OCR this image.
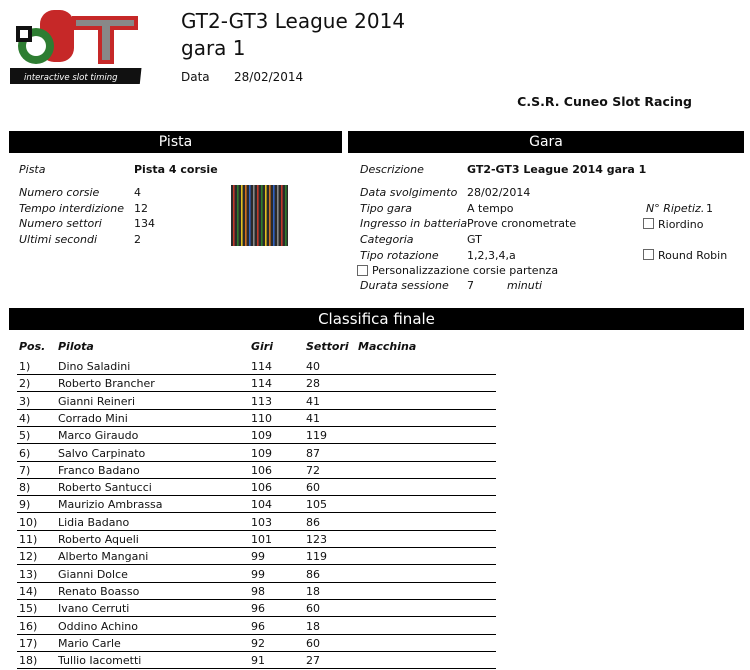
interactive slot timing
GT2-GT3 League 2014
gara 1
Data 28/02/2014
C.S.R. Cuneo Slot Racing
Pista	Gara
Pista	Pista 4 corsie
Numero corsie	4
Tempo interdizione 12
Numero settori	134
Ultimi secondi	2
Descrizione	GT2-GT3 League 2014 gara 1
Data svolgimento 28/02/2014
Tipo gara	A tempo
Ingresso in batteria Prove cronometrate
Categoria	GT
Tipo rotazione	1,2,3,4,a
Personalizzazione corsie partenza
Durata sessione 7	minuti
N° Ripetiz. 1
Riordino
Round Robin
Classifica finale
Pos. Pilota	Giri	Settori Macchina
1)	Dino Saladini	114	40
2)	Roberto Brancher	114	28
3)	Gianni Reineri	113	41
4)	Corrado Mini	110	41
5)	Marco Giraudo	109	119
6)	Salvo Carpinato	109	87
7)	Franco Badano	106	72
8)	Roberto Santucci	106	60
9)	Maurizio Ambrassa	104	105
10) Lidia Badano	103	86
11) Roberto Aqueli	101	123
12) Alberto Mangani	99	119
13) Gianni Dolce	99	86
14) Renato Boasso	98	18
15) Ivano Cerruti	96	60
16) Oddino Achino	96	18
17) Mario Carle	92	60
18) Tullio Iacometti	91	27
